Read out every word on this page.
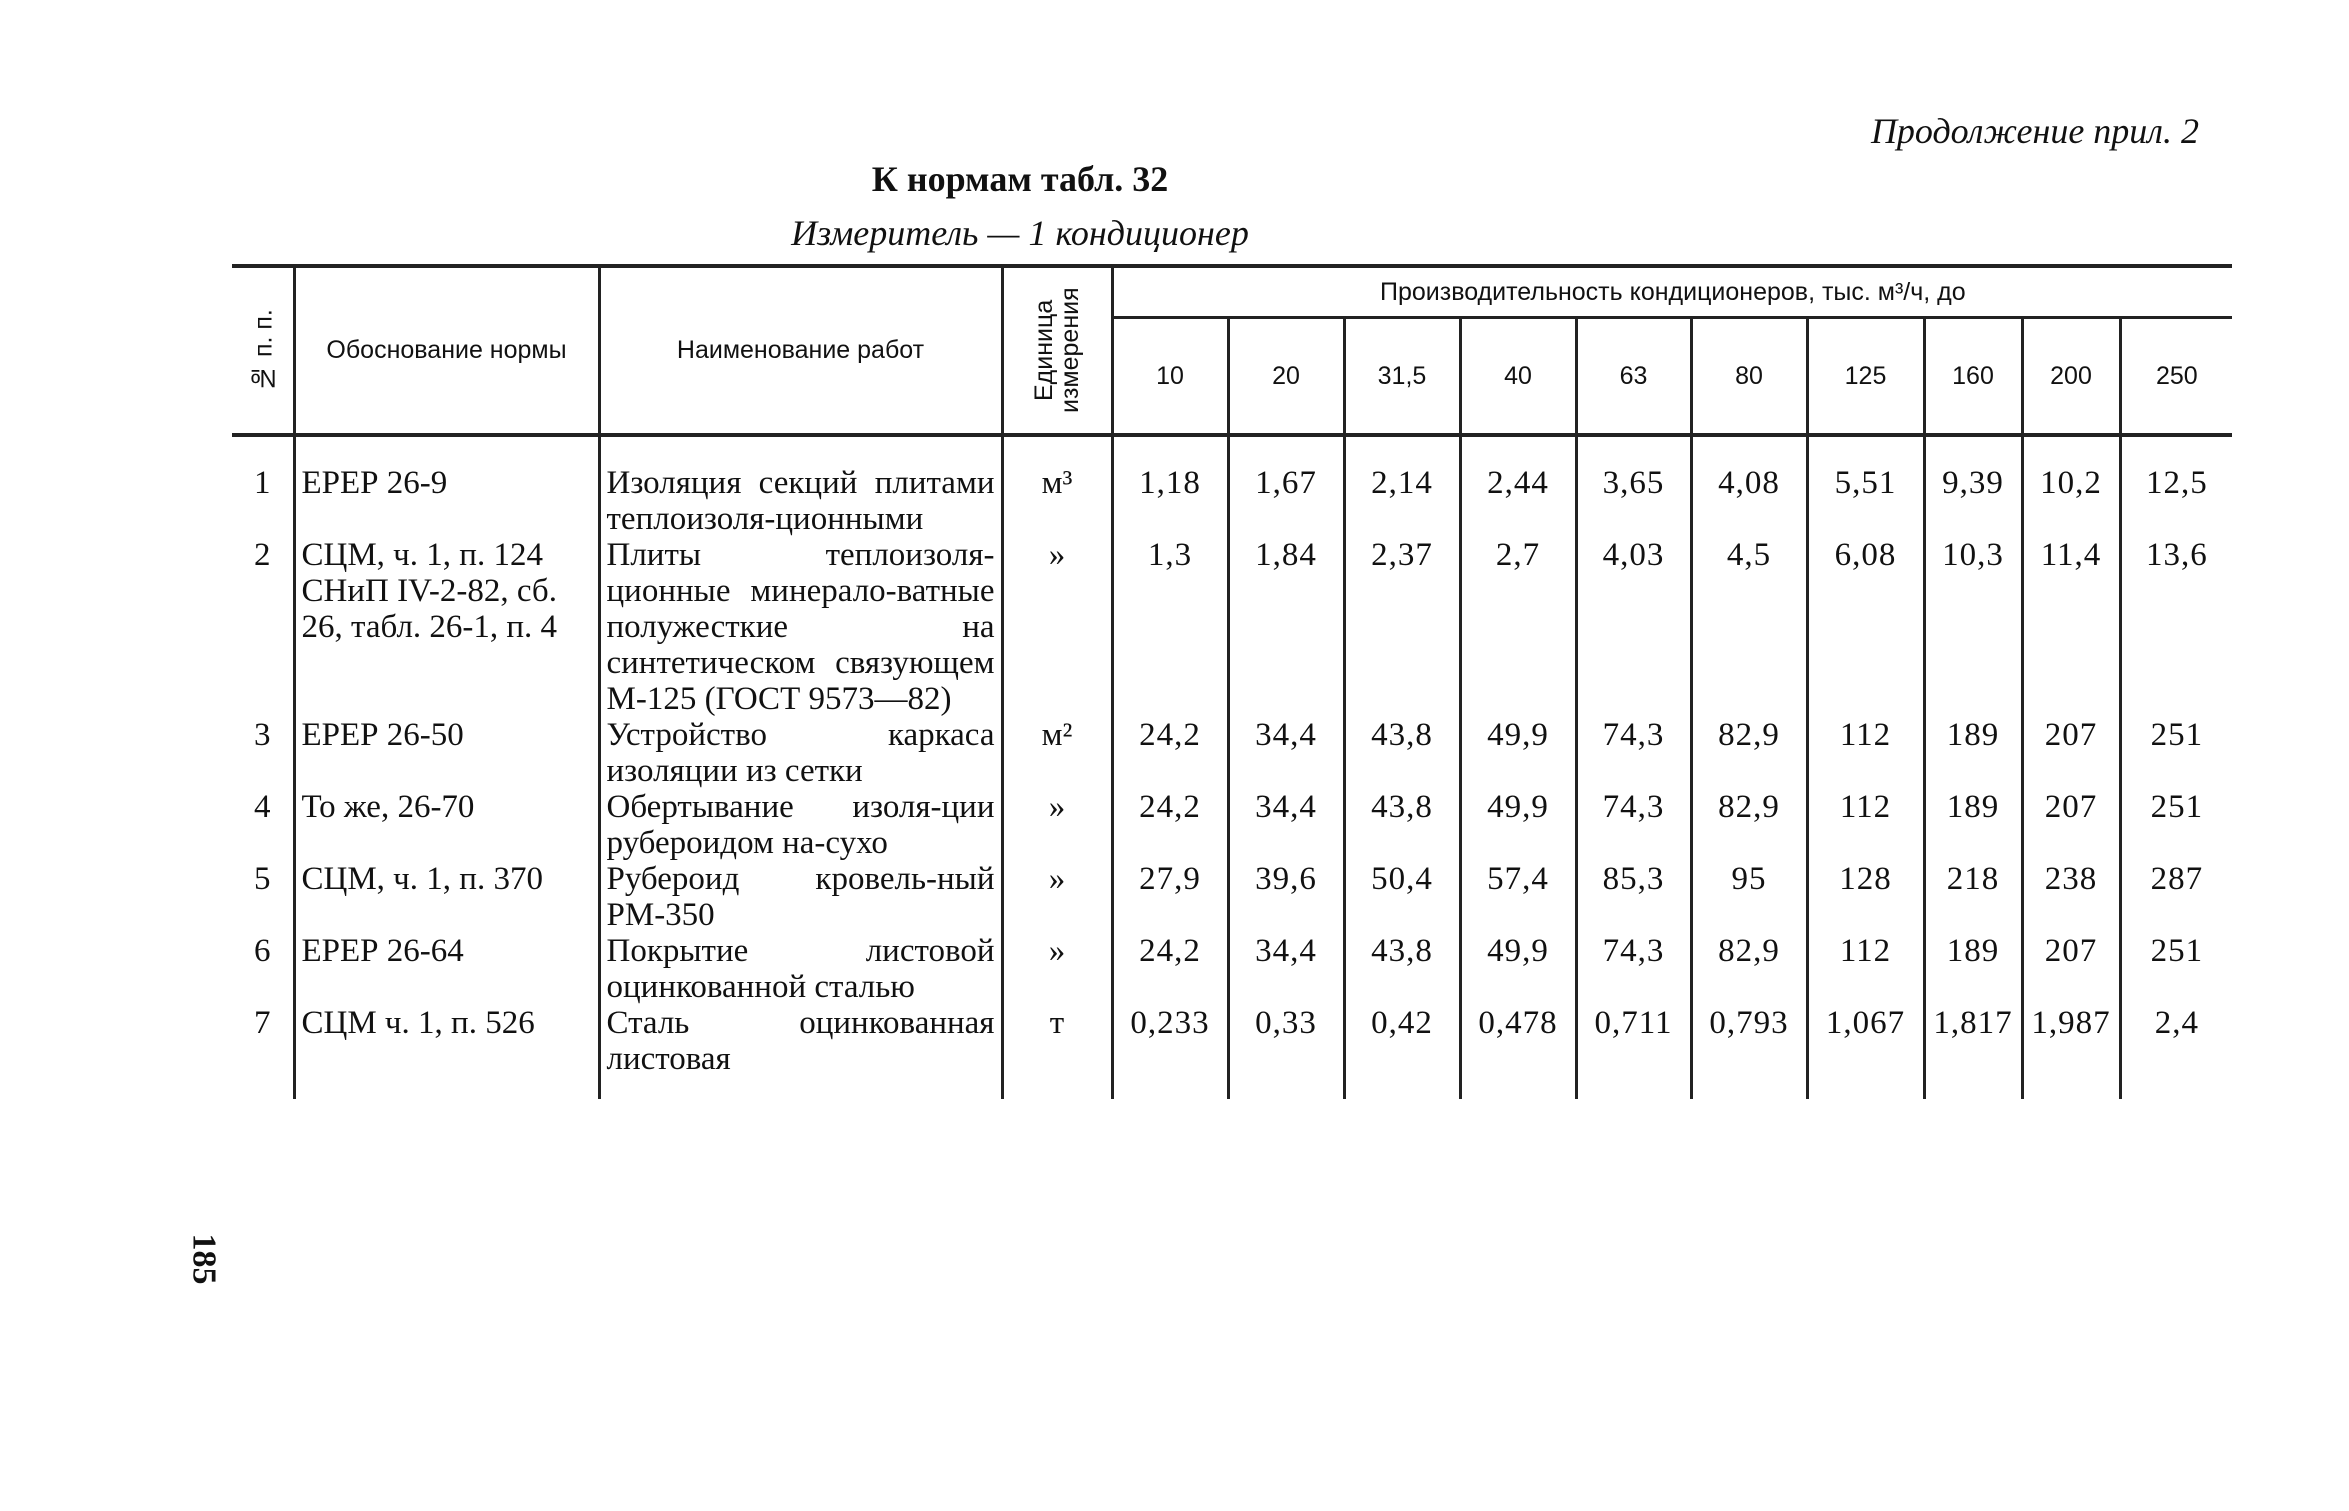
Продолжение прил. 2
К нормам табл. 32
Измеритель — 1 кондиционер
№ п. п.	Обоснование нормы	Наименование работ	Единица измерения	Производительность кондиционеров, тыс. м³/ч, до									
				10	20	31,5	40	63	80	125	160	200	250
1	ЕРЕР 26-9	Изоляция секций плитами теплоизоля-ционными	м³	1,18	1,67	2,14	2,44	3,65	4,08	5,51	9,39	10,2	12,5
2	СЦМ, ч. 1, п. 124 СНиП IV-2-82, сб. 26, табл. 26-1, п. 4	Плиты теплоизоля-ционные минерало-ватные полужесткие на синтетическом связующем М-125 (ГОСТ 9573—82)	»	1,3	1,84	2,37	2,7	4,03	4,5	6,08	10,3	11,4	13,6
3	ЕРЕР 26-50	Устройство каркаса изоляции из сетки	м²	24,2	34,4	43,8	49,9	74,3	82,9	112	189	207	251
4	То же, 26-70	Обертывание изоля-ции рубероидом на-сухо	»	24,2	34,4	43,8	49,9	74,3	82,9	112	189	207	251
5	СЦМ, ч. 1, п. 370	Рубероид кровель-ный РМ-350	»	27,9	39,6	50,4	57,4	85,3	95	128	218	238	287
6	ЕРЕР 26-64	Покрытие листовой оцинкованной сталью	»	24,2	34,4	43,8	49,9	74,3	82,9	112	189	207	251
7	СЦМ ч. 1, п. 526	Сталь оцинкованная листовая	т	0,233	0,33	0,42	0,478	0,711	0,793	1,067	1,817	1,987	2,4
185
